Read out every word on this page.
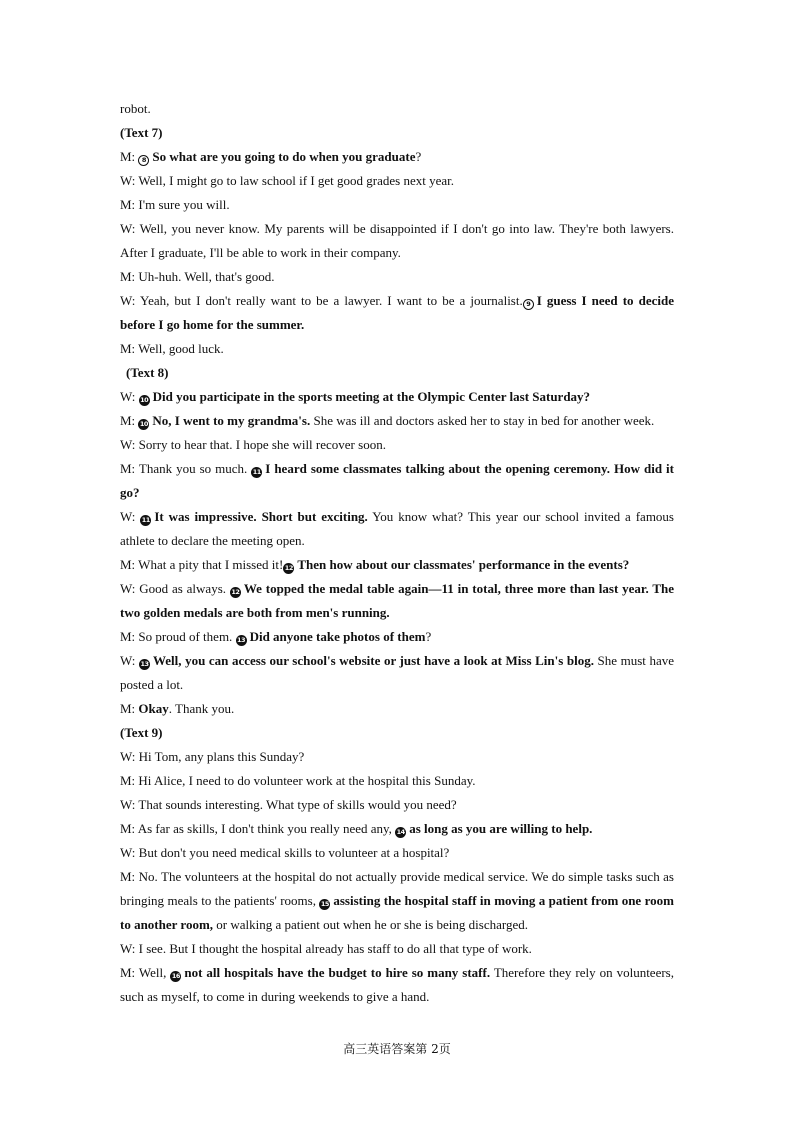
robot.

(Text 7)

M: 8 So what are you going to do when you graduate?

W: Well, I might go to law school if I get good grades next year.

M: I'm sure you will.

W: Well, you never know. My parents will be disappointed if I don't go into law. They're both lawyers. After I graduate, I'll be able to work in their company.

M: Uh-huh. Well, that's good.

W: Yeah, but I don't really want to be a lawyer. I want to be a journalist. 9 I guess I need to decide before I go home for the summer.

M: Well, good luck.

(Text 8)

W: 10 Did you participate in the sports meeting at the Olympic Center last Saturday?

M: 10 No, I went to my grandma's. She was ill and doctors asked her to stay in bed for another week.

W: Sorry to hear that. I hope she will recover soon.

M: Thank you so much. 11 I heard some classmates talking about the opening ceremony. How did it go?

W: 11 It was impressive. Short but exciting. You know what? This year our school invited a famous athlete to declare the meeting open.

M: What a pity that I missed it!12 Then how about our classmates' performance in the events?

W: Good as always. 12 We topped the medal table again—11 in total, three more than last year. The two golden medals are both from men's running.

M: So proud of them. 13 Did anyone take photos of them?

W: 13 Well, you can access our school's website or just have a look at Miss Lin's blog. She must have posted a lot.

M: Okay. Thank you.

(Text 9)

W: Hi Tom, any plans this Sunday?

M: Hi Alice, I need to do volunteer work at the hospital this Sunday.

W: That sounds interesting. What type of skills would you need?

M: As far as skills, I don't think you really need any, 14 as long as you are willing to help.

W: But don't you need medical skills to volunteer at a hospital?

M: No. The volunteers at the hospital do not actually provide medical service. We do simple tasks such as bringing meals to the patients' rooms, 15 assisting the hospital staff in moving a patient from one room to another room, or walking a patient out when he or she is being discharged.

W: I see. But I thought the hospital already has staff to do all that type of work.

M: Well, 16 not all hospitals have the budget to hire so many staff. Therefore they rely on volunteers, such as myself, to come in during weekends to give a hand.

高三英语答案第 2页
